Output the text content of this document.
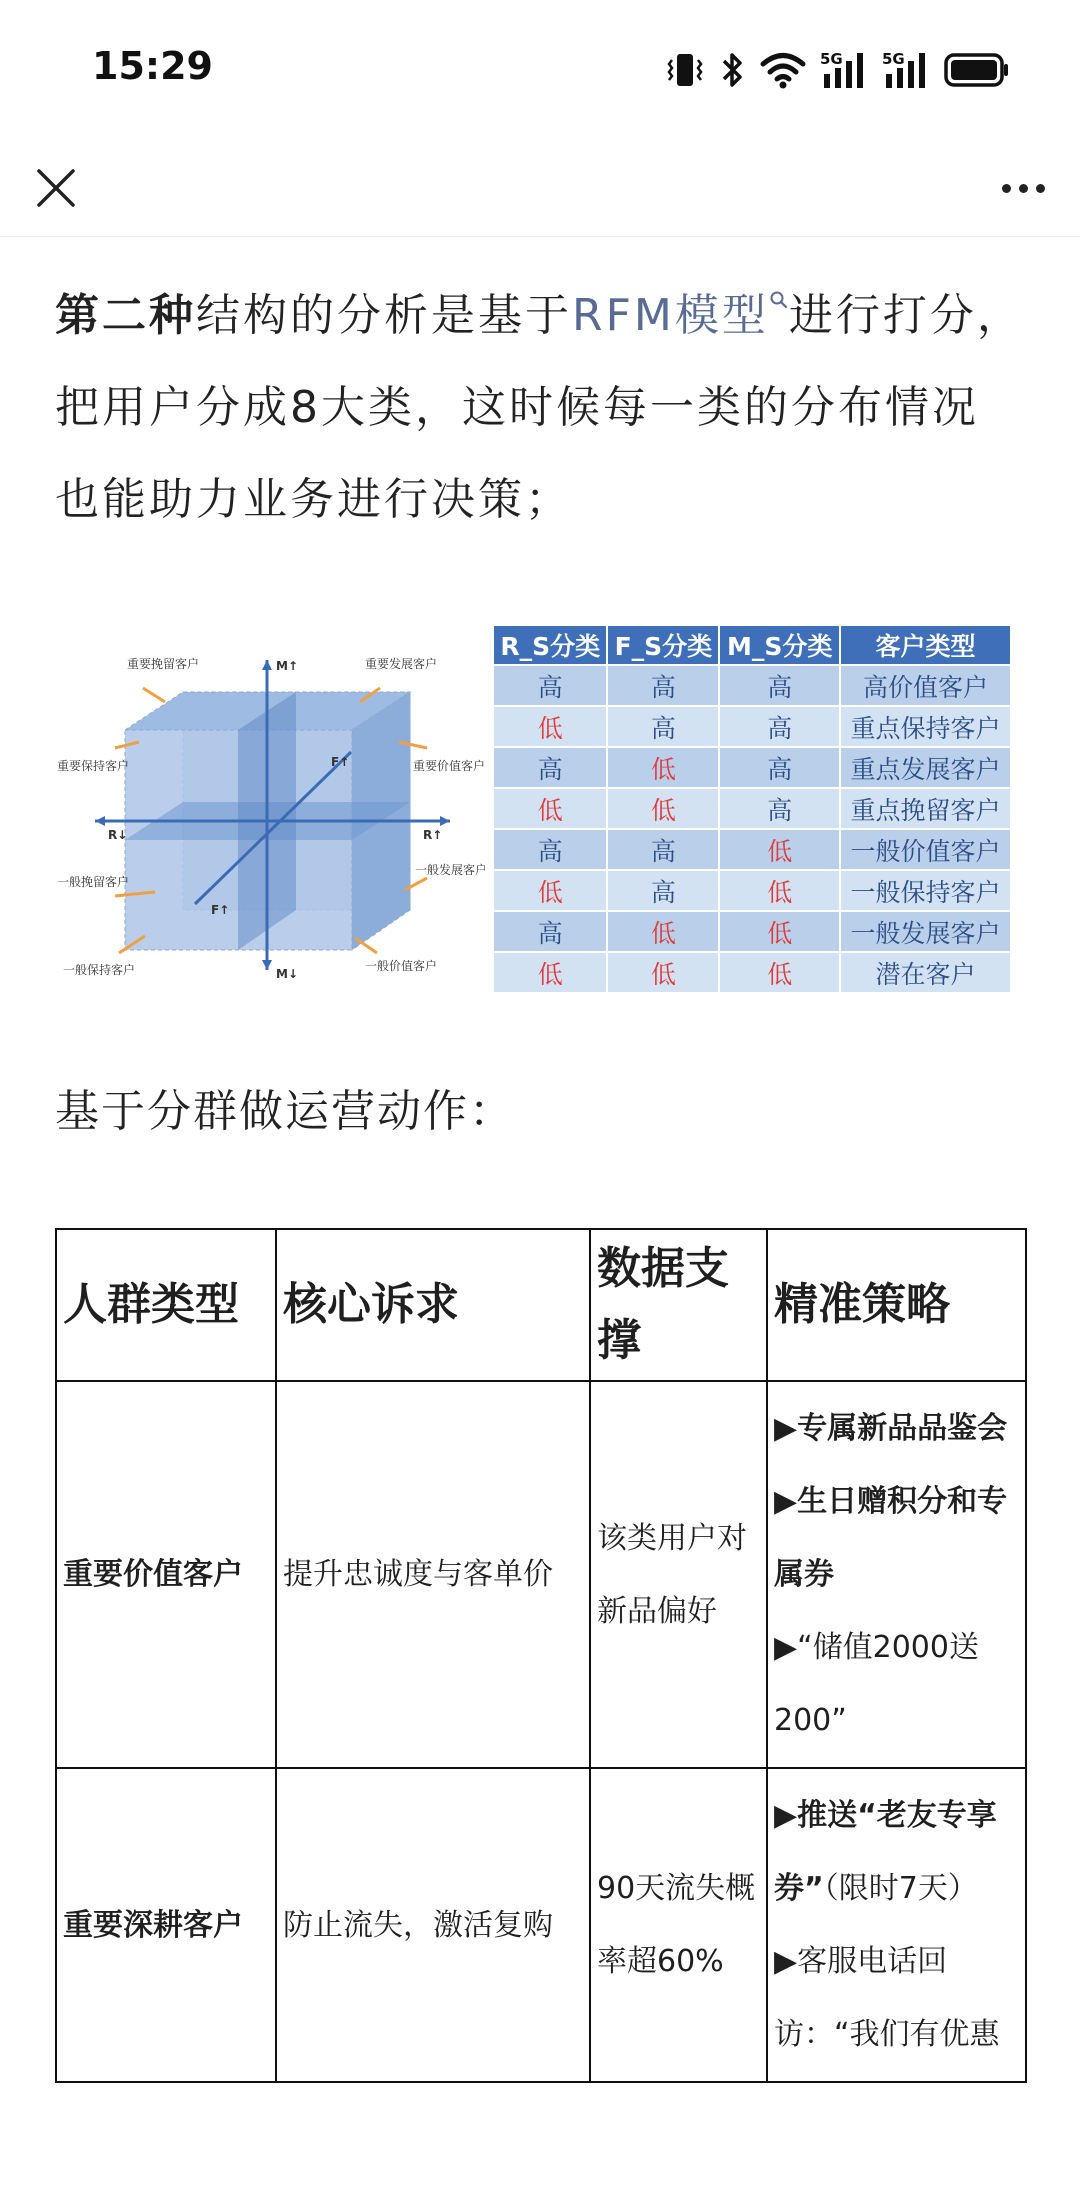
15:29	5G	5G

第二种结构的分析是基于RFM模型 进行打分，把用户分成8大类，这时候每一类的分布情况也能助力业务进行决策；

重要挽留客户	重要发展客户
重要保持客户	重要价值客户
一般挽留客户
一般发展客户
一般保持客户	一般价值客户
M↑
M↓
F↑
F↑
R↓	R↑
R_S分类	F_S分类	M_S分类	客户类型
高	高	高	高价值客户
低	高	高	重点保持客户
高	低	高	重点发展客户
低	低	高	重点挽留客户
高	高	低	一般价值客户
低	高	低	一般保持客户
高	低	低	一般发展客户
低	低	低	潜在客户

基于分群做运营动作：

人群类型	核心诉求	数据支撑	精准策略
重要价值客户	提升忠诚度与客单价	该类用户对新品偏好	▶专属新品品鉴会
▶生日赠积分和专属券
▶“储值2000送200”

重要深耕客户	防止流失，激活复购	90天流失概率超60%	▶推送“老友专享券”（限时7天）
▶客服电话回访：“我们有优惠
